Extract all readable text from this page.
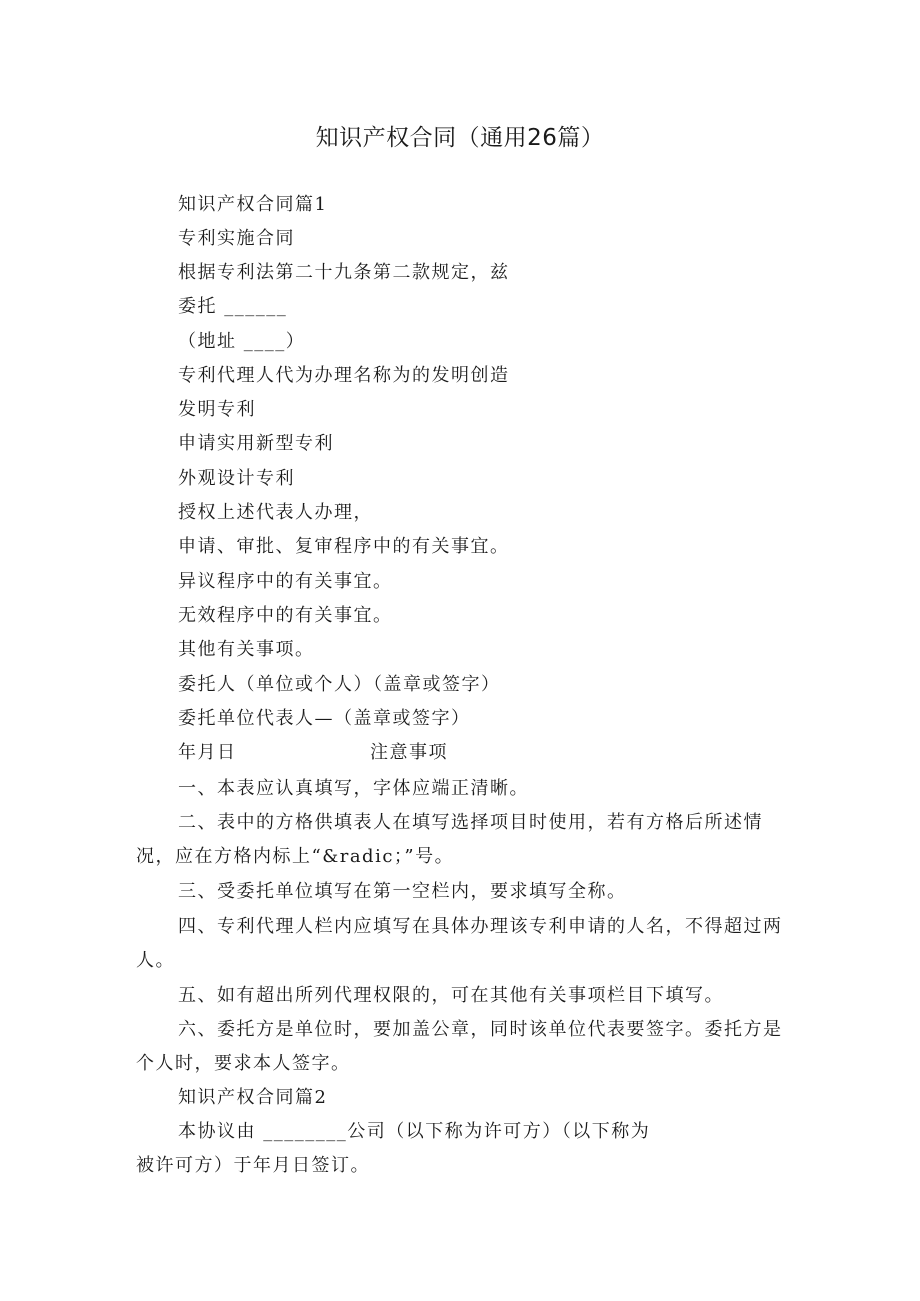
知识产权合同（通用26篇）

知识产权合同篇1

专利实施合同

根据专利法第二十九条第二款规定，兹

委托 ______

（地址 ____）

专利代理人代为办理名称为的发明创造

发明专利

申请实用新型专利

外观设计专利

授权上述代表人办理，

申请、审批、复审程序中的有关事宜。

异议程序中的有关事宜。

无效程序中的有关事宜。

其他有关事项。

委托人（单位或个人）（盖章或签字）

委托单位代表人—（盖章或签字）

年月日	注意事项

一、本表应认真填写，字体应端正清晰。

二、表中的方格供填表人在填写选择项目时使用，若有方格后所述情况，应在方格内标上“&radic；”号。

三、受委托单位填写在第一空栏内，要求填写全称。

四、专利代理人栏内应填写在具体办理该专利申请的人名，不得超过两人。

五、如有超出所列代理权限的，可在其他有关事项栏目下填写。

六、委托方是单位时，要加盖公章，同时该单位代表要签字。委托方是个人时，要求本人签字。

知识产权合同篇2

本协议由 ________公司（以下称为许可方）（以下称为

被许可方）于年月日签订。
